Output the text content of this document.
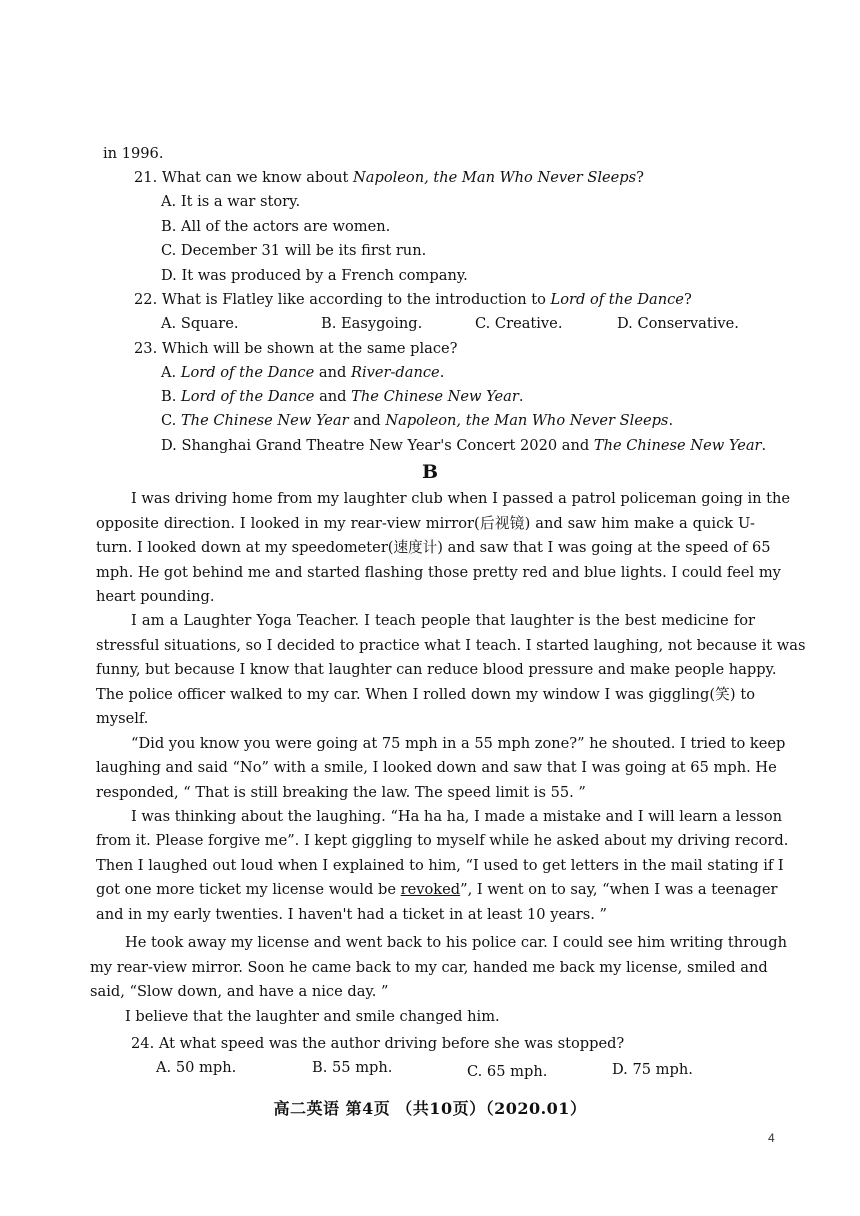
in 1996.
21. What can we know about Napoleon, the Man Who Never Sleeps?
A. It is a war story.
B. All of the actors are women.
C. December 31 will be its first run.
D. It was produced by a French company.
22. What is Flatley like according to the introduction to Lord of the Dance?
A. Square.	B. Easygoing.	C. Creative.	D. Conservative.
23. Which will be shown at the same place?
A. Lord of the Dance and River-dance.
B. Lord of the Dance and The Chinese New Year.
C. The Chinese New Year and Napoleon, the Man Who Never Sleeps.
D. Shanghai Grand Theatre New Year's Concert 2020 and The Chinese New Year.
B
I was driving home from my laughter club when I passed a patrol policeman going in the
opposite direction. I looked in my rear-view mirror(后视镜) and saw him make a quick U-
turn. I looked down at my speedometer(速度计) and saw that I was going at the speed of 65
mph. He got behind me and started flashing those pretty red and blue lights. I could feel my
heart pounding.
I am a Laughter Yoga Teacher. I teach people that laughter is the best medicine for
stressful situations, so I decided to practice what I teach. I started laughing, not because it was
funny, but because I know that laughter can reduce blood pressure and make people happy.
The police officer walked to my car. When I rolled down my window I was giggling(笑) to
myself.
“Did you know you were going at 75 mph in a 55 mph zone?” he shouted. I tried to keep
laughing and said “No” with a smile, I looked down and saw that I was going at 65 mph. He
responded, “ That is still breaking the law. The speed limit is 55. ”
I was thinking about the laughing. “Ha ha ha, I made a mistake and I will learn a lesson
from it. Please forgive me”. I kept giggling to myself while he asked about my driving record.
Then I laughed out loud when I explained to him, “I used to get letters in the mail stating if I
got one more ticket my license would be revoked”, I went on to say, “when I was a teenager
and in my early twenties. I haven't had a ticket in at least 10 years. ”
He took away my license and went back to his police car. I could see him writing through
my rear-view mirror. Soon he came back to my car, handed me back my license, smiled and
said, “Slow down, and have a nice day. ”
I believe that the laughter and smile changed him.
24. At what speed was the author driving before she was stopped?
A. 50 mph.	B. 55 mph.	C. 65 mph.	D. 75 mph.
高二英语 第4页 （共10页）（2020.01）
4
